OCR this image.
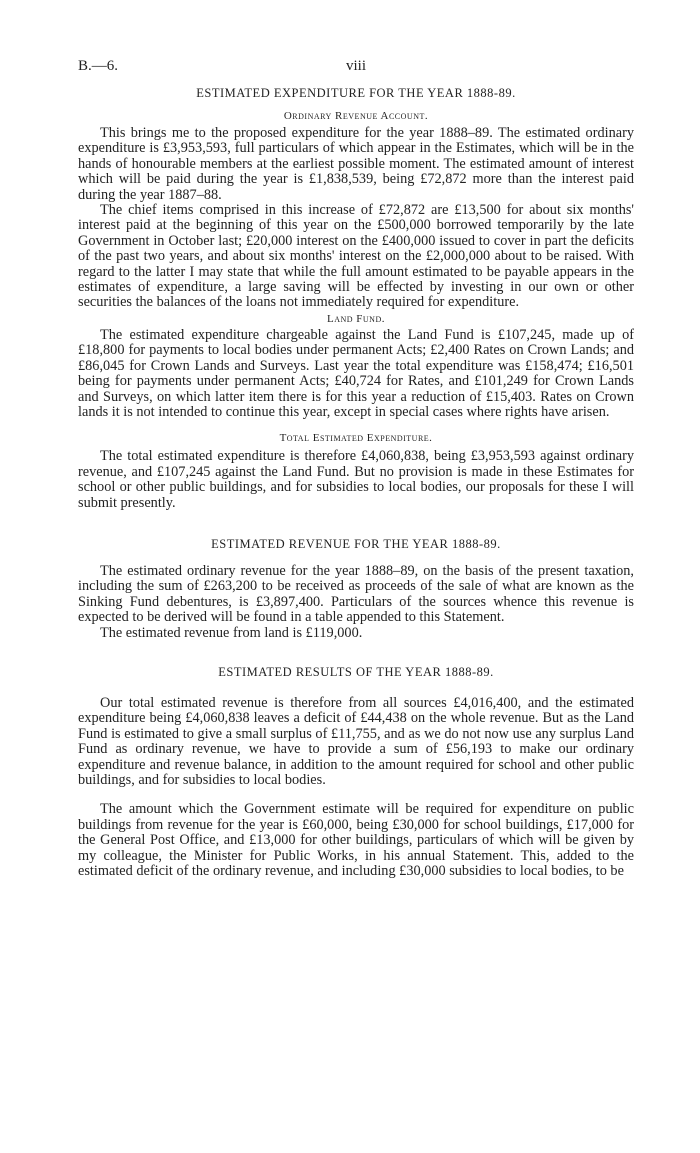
B.—6.	viii
ESTIMATED EXPENDITURE FOR THE YEAR 1888-89.
Ordinary Revenue Account.

This brings me to the proposed expenditure for the year 1888–89. The estimated ordinary expenditure is £3,953,593, full particulars of which appear in the Estimates, which will be in the hands of honourable members at the earliest possible moment. The estimated amount of interest which will be paid during the year is £1,838,539, being £72,872 more than the interest paid during the year 1887–88.

The chief items comprised in this increase of £72,872 are £13,500 for about six months' interest paid at the beginning of this year on the £500,000 borrowed temporarily by the late Government in October last; £20,000 interest on the £400,000 issued to cover in part the deficits of the past two years, and about six months' interest on the £2,000,000 about to be raised. With regard to the latter I may state that while the full amount estimated to be payable appears in the estimates of expenditure, a large saving will be effected by investing in our own or other securities the balances of the loans not immediately required for expenditure.

Land Fund.

The estimated expenditure chargeable against the Land Fund is £107,245, made up of £18,800 for payments to local bodies under permanent Acts; £2,400 Rates on Crown Lands; and £86,045 for Crown Lands and Surveys. Last year the total expenditure was £158,474; £16,501 being for payments under permanent Acts; £40,724 for Rates, and £101,249 for Crown Lands and Surveys, on which latter item there is for this year a reduction of £15,403. Rates on Crown lands it is not intended to continue this year, except in special cases where rights have arisen.

Total Estimated Expenditure.

The total estimated expenditure is therefore £4,060,838, being £3,953,593 against ordinary revenue, and £107,245 against the Land Fund. But no provision is made in these Estimates for school or other public buildings, and for subsidies to local bodies, our proposals for these I will submit presently.

ESTIMATED REVENUE FOR THE YEAR 1888-89.

The estimated ordinary revenue for the year 1888–89, on the basis of the present taxation, including the sum of £263,200 to be received as proceeds of the sale of what are known as the Sinking Fund debentures, is £3,897,400. Particulars of the sources whence this revenue is expected to be derived will be found in a table appended to this Statement.

The estimated revenue from land is £119,000.

ESTIMATED RESULTS OF THE YEAR 1888-89.

Our total estimated revenue is therefore from all sources £4,016,400, and the estimated expenditure being £4,060,838 leaves a deficit of £44,438 on the whole revenue. But as the Land Fund is estimated to give a small surplus of £11,755, and as we do not now use any surplus Land Fund as ordinary revenue, we have to provide a sum of £56,193 to make our ordinary expenditure and revenue balance, in addition to the amount required for school and other public buildings, and for subsidies to local bodies.

The amount which the Government estimate will be required for expenditure on public buildings from revenue for the year is £60,000, being £30,000 for school buildings, £17,000 for the General Post Office, and £13,000 for other buildings, particulars of which will be given by my colleague, the Minister for Public Works, in his annual Statement. This, added to the estimated deficit of the ordinary revenue, and including £30,000 subsidies to local bodies, to be
